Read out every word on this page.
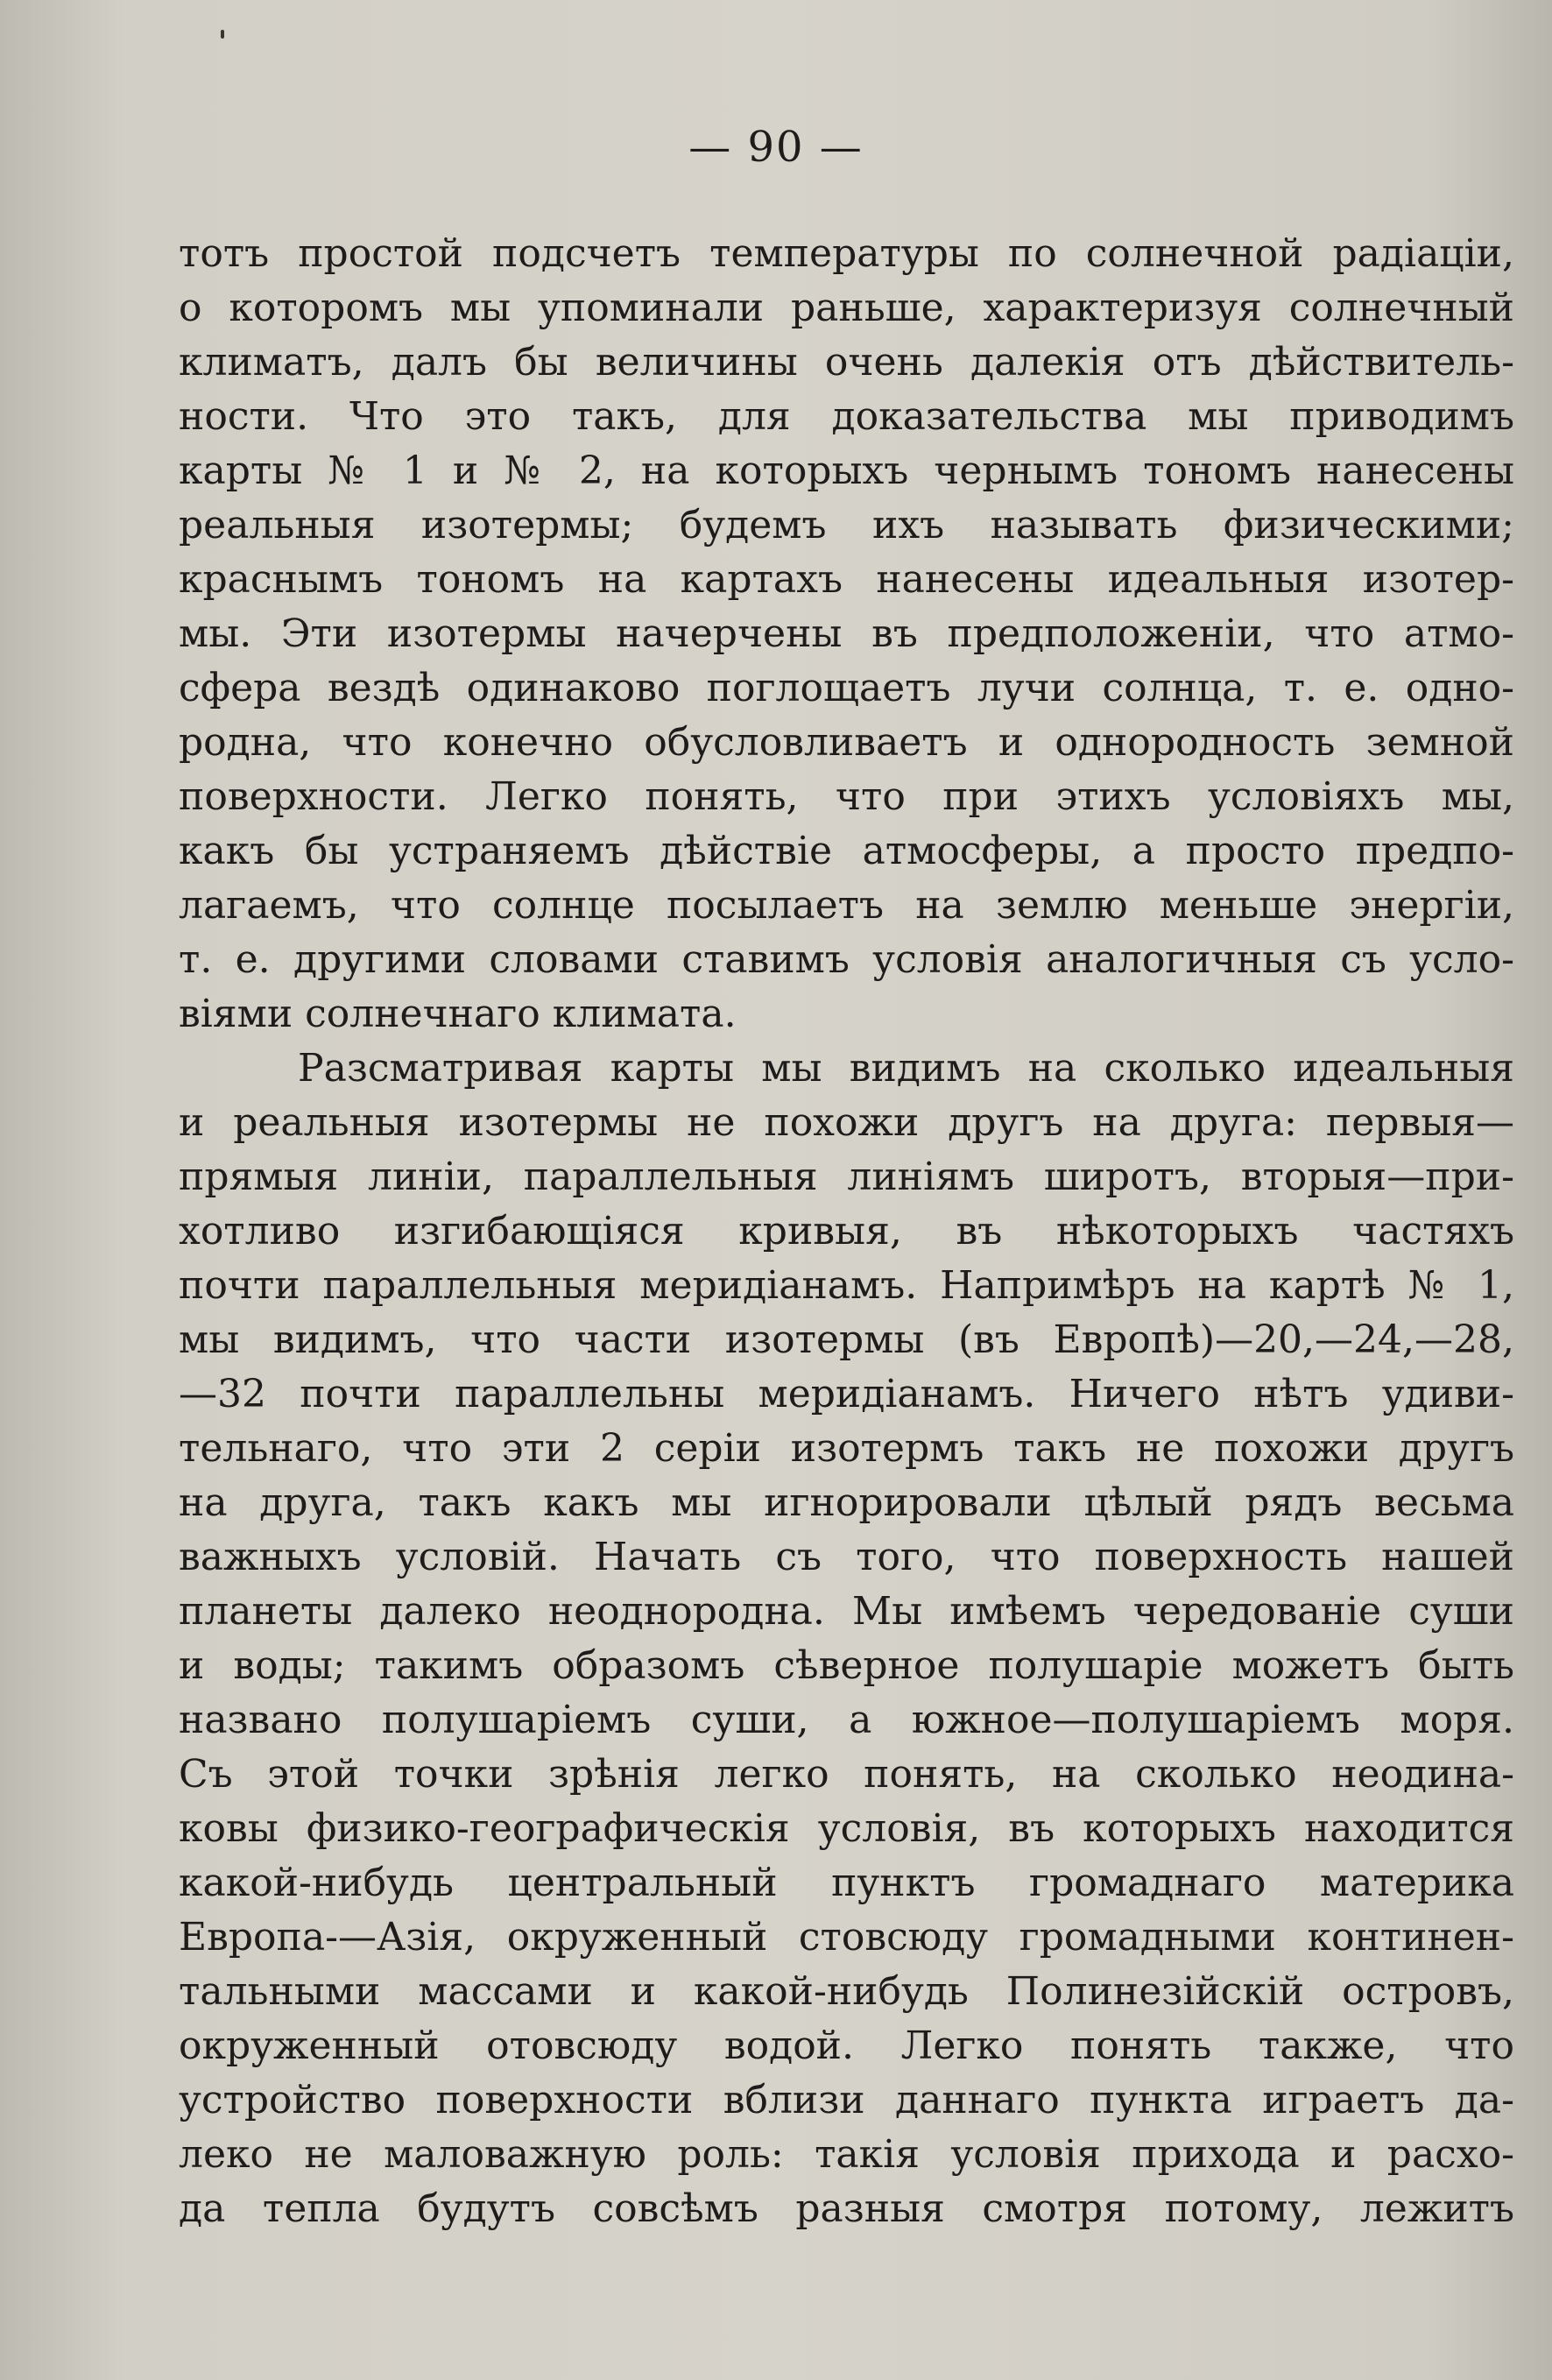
— 90 —
тотъ простой подсчетъ температуры по солнечной радіаціи,
о которомъ мы упоминали раньше, характеризуя солнечный
климатъ, далъ бы величины очень далекія отъ дѣйствитель-
ности. Что это такъ, для доказательства мы приводимъ
карты № 1 и № 2, на которыхъ чернымъ тономъ нанесены
реальныя изотермы; будемъ ихъ называть физическими;
краснымъ тономъ на картахъ нанесены идеальныя изотер-
мы. Эти изотермы начерчены въ предположеніи, что атмо-
сфера вездѣ одинаково поглощаетъ лучи солнца, т. е. одно-
родна, что конечно обусловливаетъ и однородность земной
поверхности. Легко понять, что при этихъ условіяхъ мы,
какъ бы устраняемъ дѣйствіе атмосферы, а просто предпо-
лагаемъ, что солнце посылаетъ на землю меньше энергіи,
т. е. другими словами ставимъ условія аналогичныя съ усло-
віями солнечнаго климата.
Разсматривая карты мы видимъ на сколько идеальныя
и реальныя изотермы не похожи другъ на друга: первыя—
прямыя линіи, параллельныя линіямъ широтъ, вторыя—при-
хотливо изгибающіяся кривыя, въ нѣкоторыхъ частяхъ
почти параллельныя меридіанамъ. Напримѣръ на картѣ № 1,
мы видимъ, что части изотермы (въ Европѣ)—20,—24,—28,
—32 почти параллельны меридіанамъ. Ничего нѣтъ удиви-
тельнаго, что эти 2 серіи изотермъ такъ не похожи другъ
на друга, такъ какъ мы игнорировали цѣлый рядъ весьма
важныхъ условій. Начать съ того, что поверхность нашей
планеты далеко неоднородна. Мы имѣемъ чередованіе суши
и воды; такимъ образомъ сѣверное полушаріе можетъ быть
названо полушаріемъ суши, а южное—полушаріемъ моря.
Съ этой точки зрѣнія легко понять, на сколько неодина-
ковы физико-географическія условія, въ которыхъ находится
какой-нибудь центральный пунктъ громаднаго материка
Европа-—Азія, окруженный стовсюду громадными континен-
тальными массами и какой-нибудь Полинезійскій островъ,
окруженный отовсюду водой. Легко понять также, что
устройство поверхности вблизи даннаго пункта играетъ да-
леко не маловажную роль: такія условія прихода и расхо-
да тепла будутъ совсѣмъ разныя смотря потому, лежитъ
